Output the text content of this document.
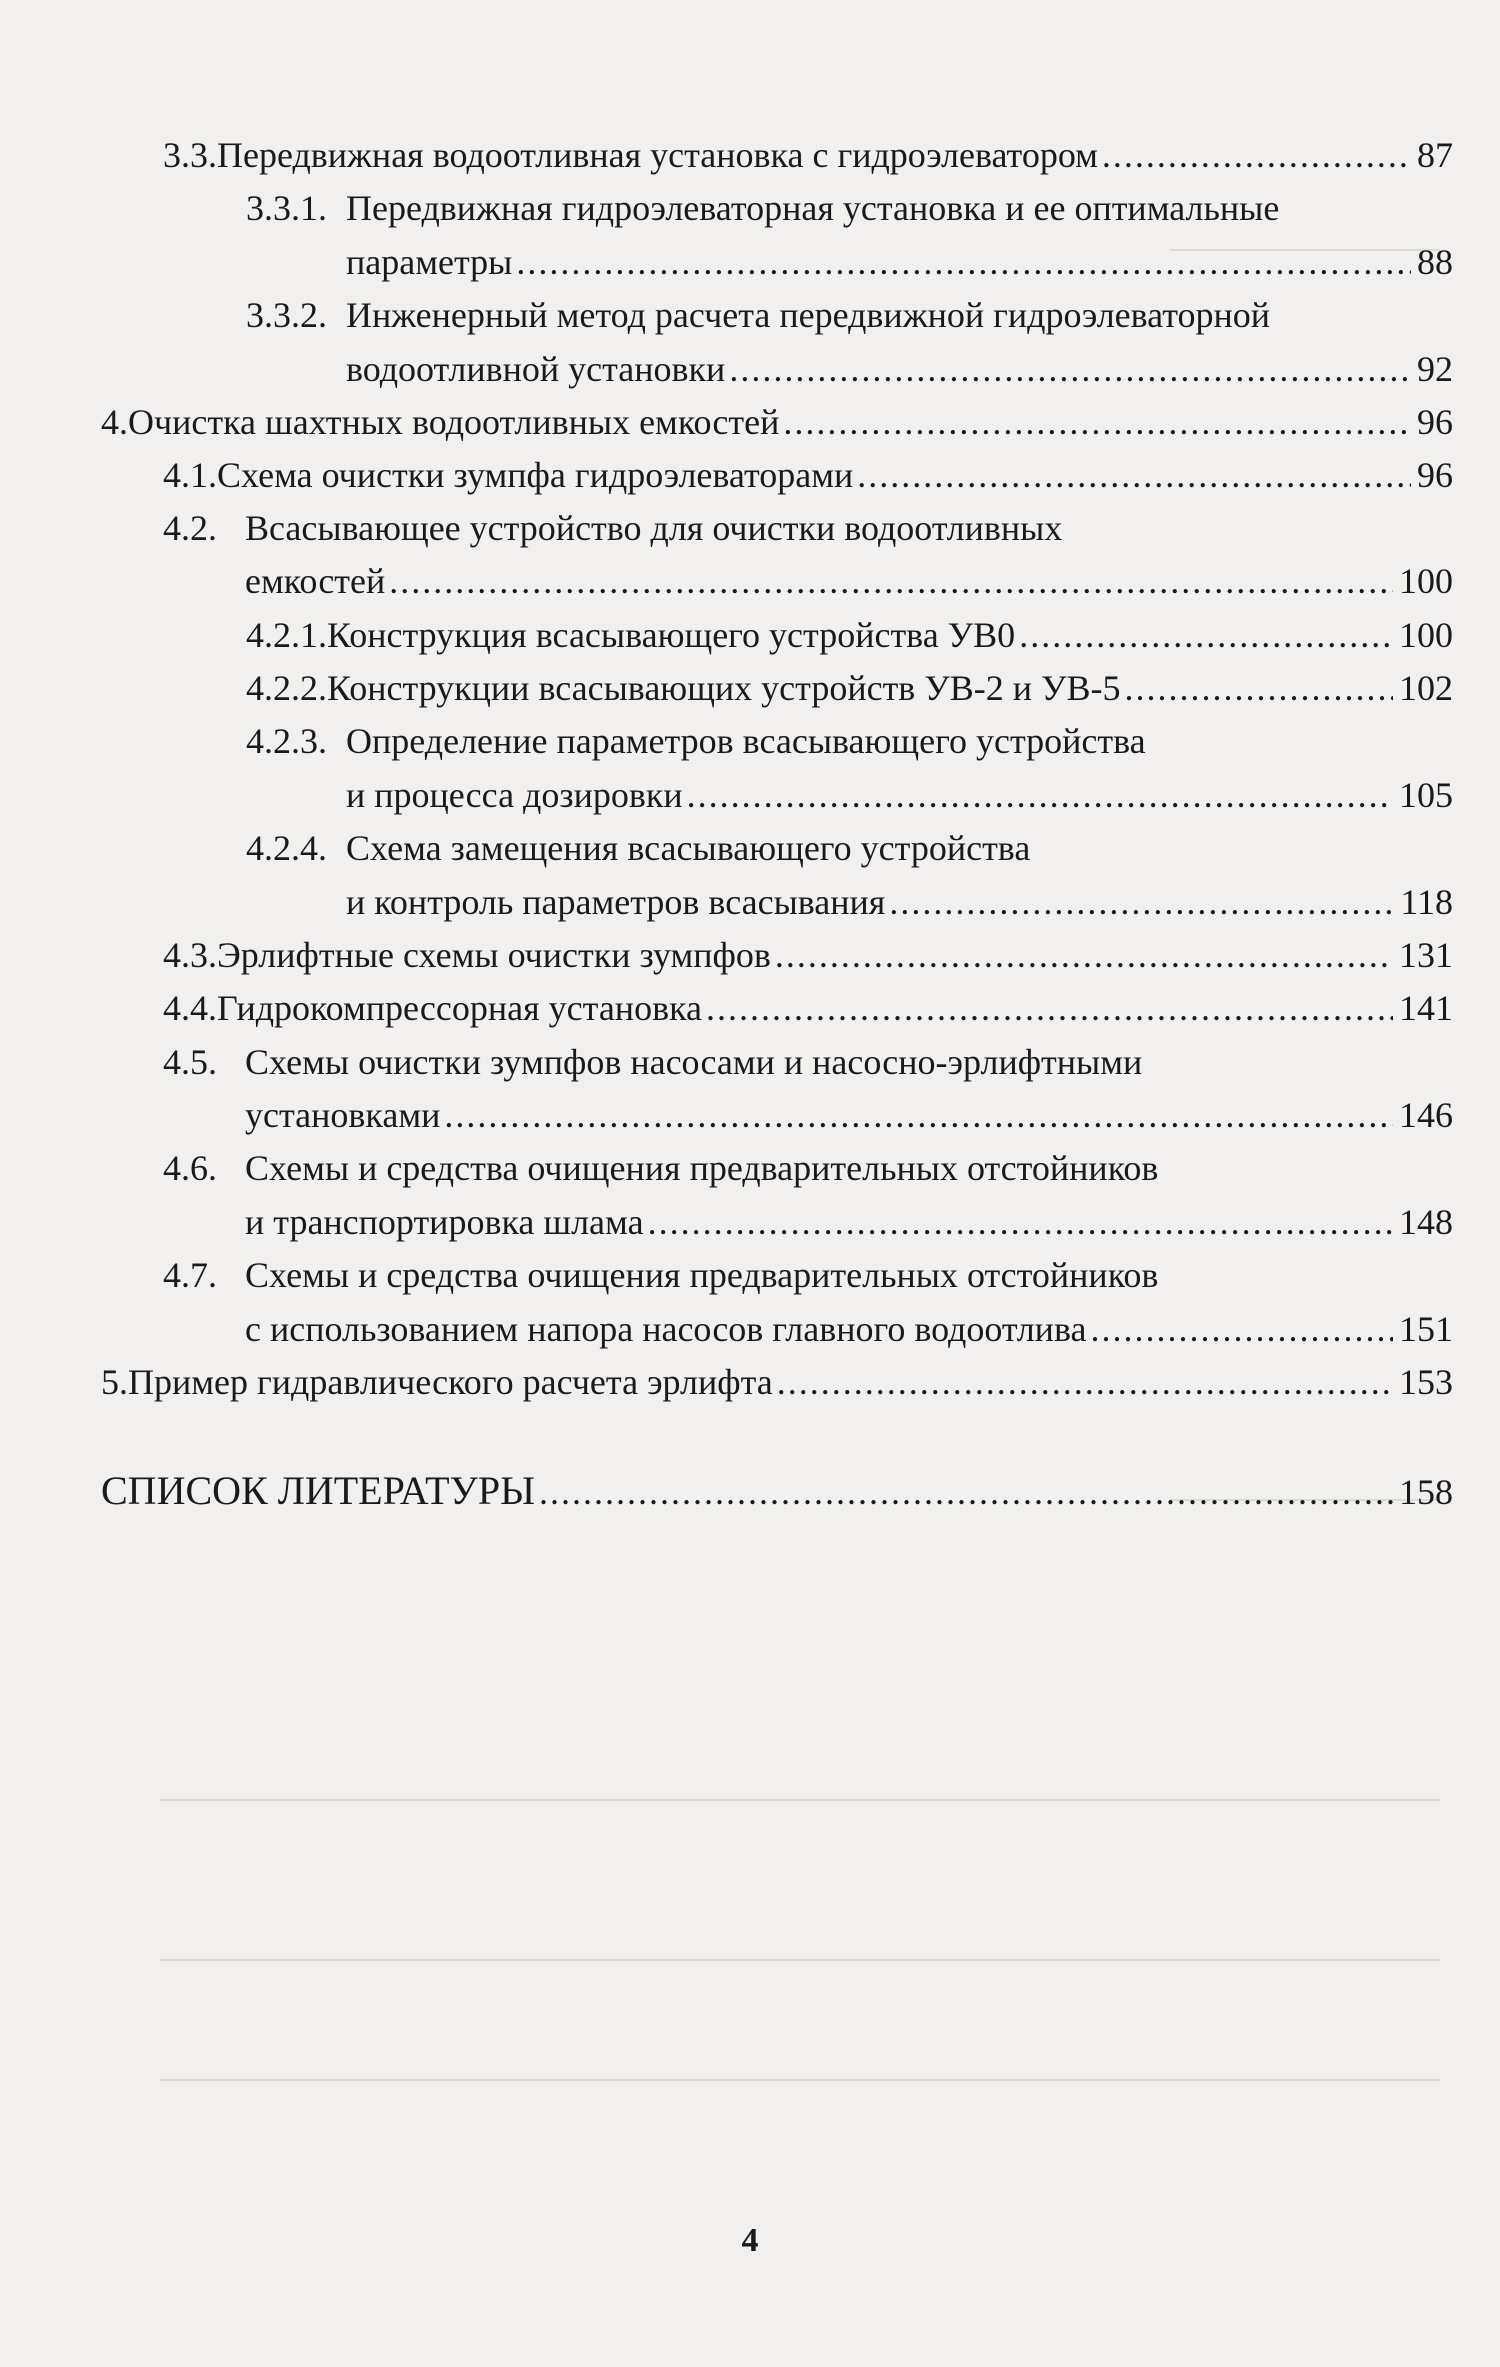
3.3. Передвижная водоотливная установка с гидроэлеватором .....	87
3.3.1. Передвижная гидроэлеваторная установка и ее оптимальные
параметры .....	88
3.3.2. Инженерный метод расчета передвижной гидроэлеваторной
водоотливной установки .....	92
4. Очистка шахтных водоотливных емкостей .....	96
4.1. Схема очистки зумпфа гидроэлеваторами .....	96
4.2. Всасывающее устройство для очистки водоотливных
емкостей .....	100
4.2.1. Конструкция всасывающего устройства УВ0 .....	100
4.2.2. Конструкции всасывающих устройств УВ-2 и УВ-5 .....	102
4.2.3. Определение параметров всасывающего устройства
и процесса дозировки .....	105
4.2.4. Схема замещения всасывающего устройства
и контроль параметров всасывания .....	118
4.3. Эрлифтные схемы очистки зумпфов .....	131
4.4. Гидрокомпрессорная установка .....	141
4.5. Схемы очистки зумпфов насосами и насосно-эрлифтными
установками .....	146
4.6. Схемы и средства очищения предварительных отстойников
и транспортировка шлама .....	148
4.7. Схемы и средства очищения предварительных отстойников
с использованием напора насосов главного водоотлива .....	151
5. Пример гидравлического расчета эрлифта .....	153
СПИСОК ЛИТЕРАТУРЫ .....	158
4
